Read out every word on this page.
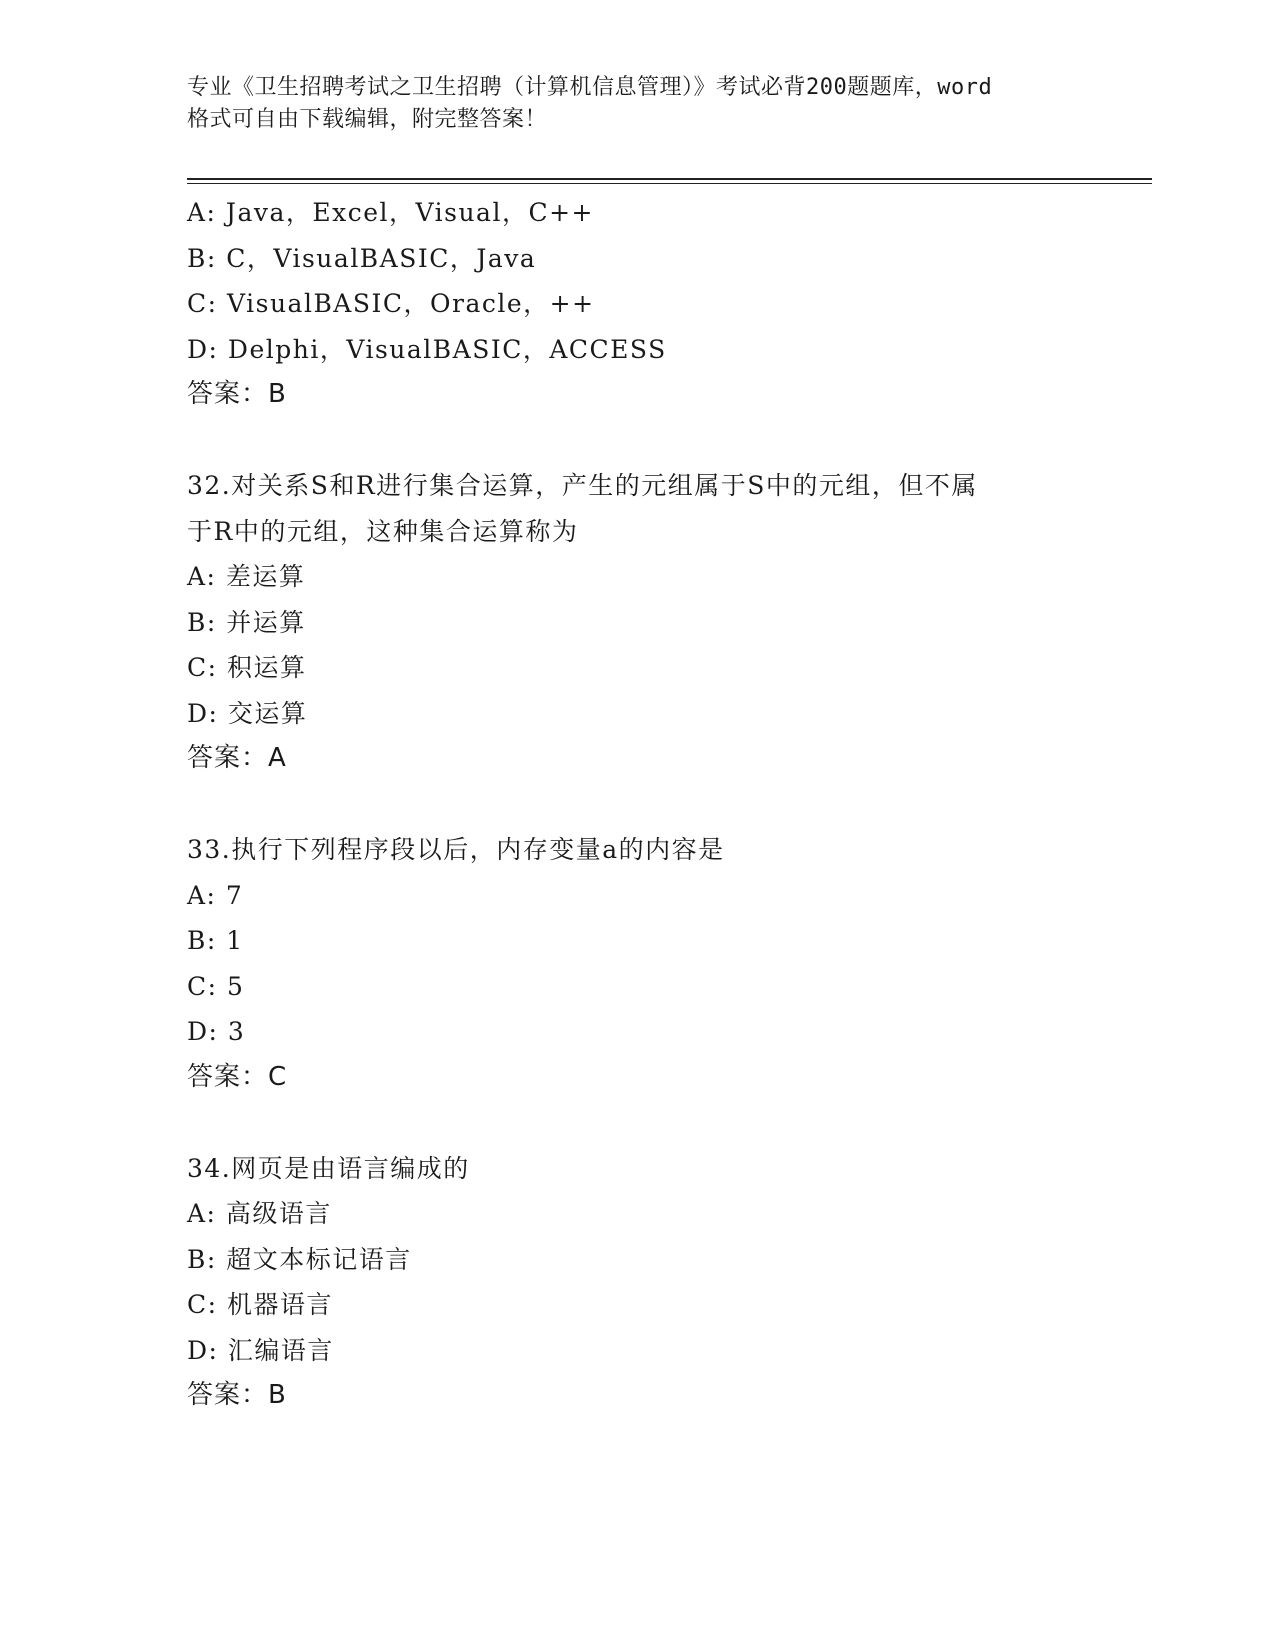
专业《卫生招聘考试之卫生招聘（计算机信息管理）》考试必背200题题库，word
格式可自由下载编辑，附完整答案！
A: Java，Excel，Visual，C++
B: C，VisualBASIC，Java
C: VisualBASIC，Oracle，++
D: Delphi，VisualBASIC，ACCESS
答案：B
32.对关系S和R进行集合运算，产生的元组属于S中的元组，但不属
于R中的元组，这种集合运算称为
A: 差运算
B: 并运算
C: 积运算
D: 交运算
答案：A
33.执行下列程序段以后，内存变量a的内容是
A: 7
B: 1
C: 5
D: 3
答案：C
34.网页是由语言编成的
A: 高级语言
B: 超文本标记语言
C: 机器语言
D: 汇编语言
答案：B
